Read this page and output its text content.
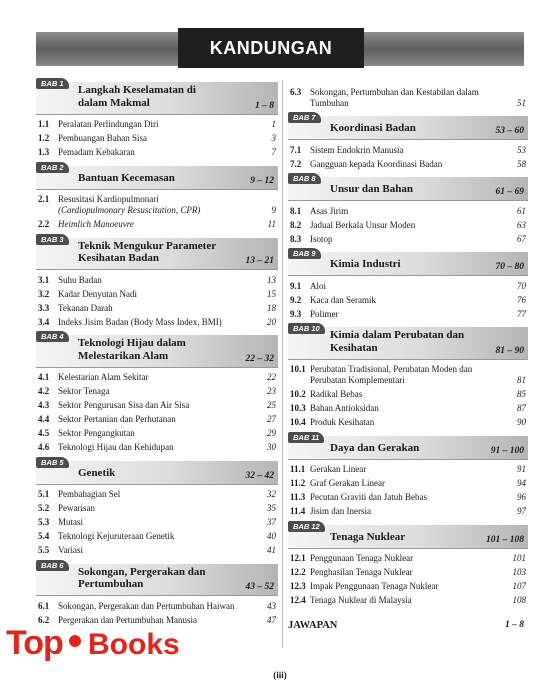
KANDUNGAN
BAB 1
Langkah Keselamatan di dalam Makmal	1 – 8
1.1 Peralatan Perlindungan Diri	1
1.2 Pembuangan Bahan Sisa	3
1.3 Pemadam Kebakaran	7
BAB 2
Bantuan Kecemasan	9 – 12
2.1 Resusitasi Kardiopulmonari
(Cardiopulmonary Resuscitation, CPR)	9
2.2 Heimlich Manoeuvre	11
BAB 3
Teknik Mengukur Parameter Kesihatan Badan	13 – 21
3.1 Suhu Badan	13
3.2 Kadar Denyutan Nadi	15
3.3 Tekanan Darah	18
3.4 Indeks Jisim Badan (Body Mass Index, BMI)	20
BAB 4
Teknologi Hijau dalam Melestarikan Alam	22 – 32
4.1 Kelestarian Alam Sekitar	22
4.2 Sektor Tenaga	23
4.3 Sektor Pengurusan Sisa dan Air Sisa	25
4.4 Sektor Pertanian dan Perhutanan	27
4.5 Sektor Pengangkutan	29
4.6 Teknologi Hijau dan Kehidupan	30
BAB 5
Genetik	32 – 42
5.1 Pembahagian Sel	32
5.2 Pewarisan	35
5.3 Mutasi	37
5.4 Teknologi Kejuruteraan Genetik	40
5.5 Variasi	41
BAB 6
Sokongan, Pergerakan dan Pertumbuhan	43 – 52
6.1 Sokongan, Pergerakan dan Pertumbuhan Haiwan	43
6.2 Pergerakan dan Pertumbuhan Manusia	47
6.3 Sokongan, Pertumbuhan dan Kestabilan dalam Tumbuhan	51
BAB 7
Koordinasi Badan	53 – 60
7.1 Sistem Endokrin Manusia	53
7.2 Gangguan kepada Koordinasi Badan	58
BAB 8
Unsur dan Bahan	61 – 69
8.1 Asas Jirim	61
8.2 Jadual Berkala Unsur Moden	63
8.3 Isotop	67
BAB 9
Kimia Industri	70 – 80
9.1 Aloi	70
9.2 Kaca dan Seramik	76
9.3 Polimer	77
BAB 10
Kimia dalam Perubatan dan Kesihatan	81 – 90
10.1 Perubatan Tradisional, Perubatan Moden dan Perubatan Komplementari	81
10.2 Radikal Bebas	85
10.3 Bahan Antioksidan	87
10.4 Produk Kesihatan	90
BAB 11
Daya dan Gerakan	91 – 100
11.1 Gerakan Linear	91
11.2 Graf Gerakan Linear	94
11.3 Pecutan Graviti dan Jatuh Bebas	96
11.4 Jisim dan Inersia	97
BAB 12
Tenaga Nuklear	101 – 108
12.1 Penggunaan Tenaga Nuklear	101
12.2 Penghasilan Tenaga Nuklear	103
12.3 Impak Penggunaan Tenaga Nuklear	107
12.4 Tenaga Nuklear di Malaysia	108
JAWAPAN	1 – 8
Top Books
(iii)
